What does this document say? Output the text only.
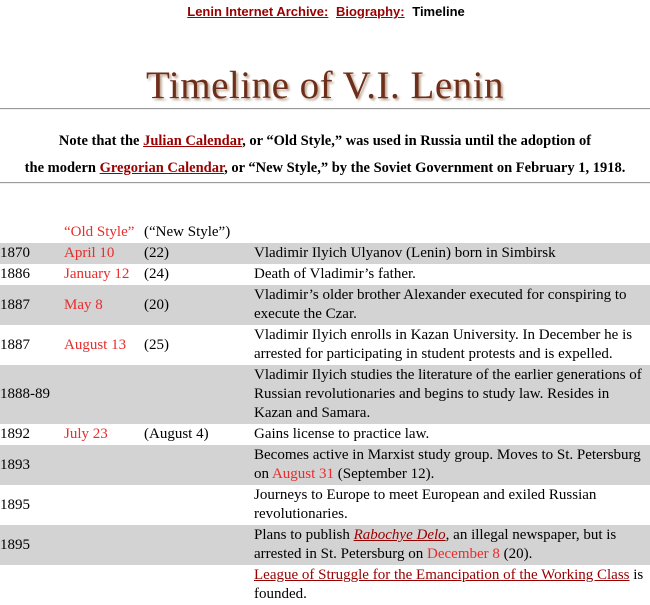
Lenin Internet Archive: Biography: Timeline
Timeline of V.I. Lenin
Note that the Julian Calendar, or “Old Style,” was used in Russia until the adoption of
the modern Gregorian Calendar, or “New Style,” by the Soviet Government on February 1, 1918.
	“Old Style”	(“New Style”)	
1870	April 10	(22)	Vladimir Ilyich Ulyanov (Lenin) born in Simbirsk
1886	January 12	(24)	Death of Vladimir’s father.
1887	May 8	(20)	Vladimir’s older brother Alexander executed for conspiring to execute the Czar.
1887	August 13	(25)	Vladimir Ilyich enrolls in Kazan University. In December he is arrested for participating in student protests and is expelled.
1888-89			Vladimir Ilyich studies the literature of the earlier generations of Russian revolutionaries and begins to study law. Resides in Kazan and Samara.
1892	July 23	(August 4)	Gains license to practice law.
1893			Becomes active in Marxist study group. Moves to St. Petersburg on August 31 (September 12).
1895			Journeys to Europe to meet European and exiled Russian revolutionaries.
1895			Plans to publish Rabochye Delo, an illegal newspaper, but is arrested in St. Petersburg on December 8 (20).
			League of Struggle for the Emancipation of the Working Class is founded.
